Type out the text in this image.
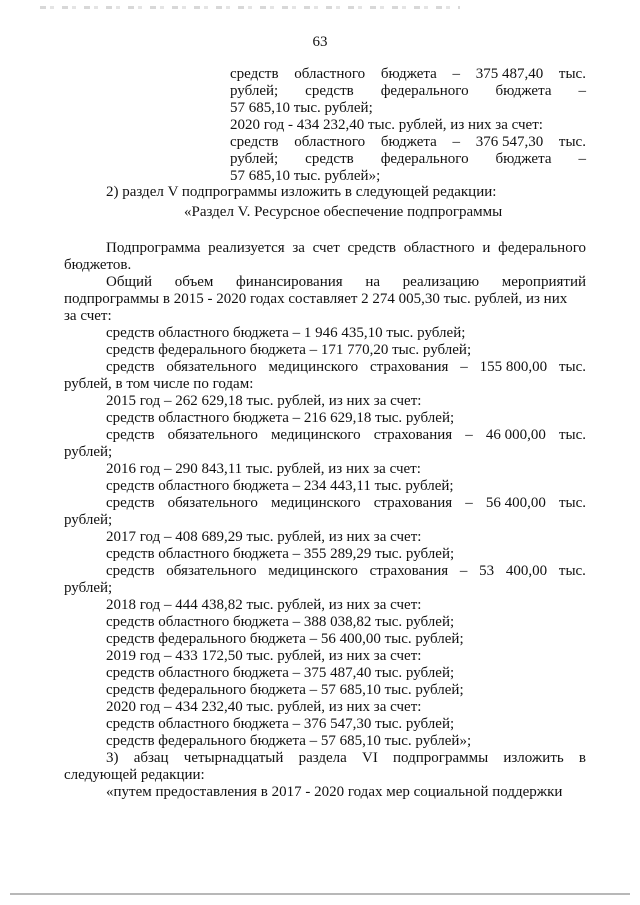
63
средств областного бюджета – 375 487,40 тыс.
рублей; средств федерального бюджета –
57 685,10 тыс. рублей;
2020 год - 434 232,40 тыс. рублей, из них за счет:
средств областного бюджета – 376 547,30 тыс.
рублей; средств федерального бюджета –
57 685,10 тыс. рублей»;
2) раздел V подпрограммы изложить в следующей редакции:
«Раздел V. Ресурсное обеспечение подпрограммы
Подпрограмма реализуется за счет средств областного и федерального
бюджетов.
Общий объем финансирования на реализацию мероприятий
подпрограммы в 2015 - 2020 годах составляет 2 274 005,30 тыс. рублей, из них
за счет:
средств областного бюджета – 1 946 435,10 тыс. рублей;
средств федерального бюджета – 171 770,20 тыс. рублей;
средств обязательного медицинского страхования – 155 800,00 тыс.
рублей, в том числе по годам:
2015 год – 262 629,18 тыс. рублей, из них за счет:
средств областного бюджета – 216 629,18 тыс. рублей;
средств обязательного медицинского страхования – 46 000,00 тыс.
рублей;
2016 год – 290 843,11 тыс. рублей, из них за счет:
средств областного бюджета – 234 443,11 тыс. рублей;
средств обязательного медицинского страхования – 56 400,00 тыс.
рублей;
2017 год – 408 689,29 тыс. рублей, из них за счет:
средств областного бюджета – 355 289,29 тыс. рублей;
средств обязательного медицинского страхования – 53 400,00 тыс.
рублей;
2018 год – 444 438,82 тыс. рублей, из них за счет:
средств областного бюджета – 388 038,82 тыс. рублей;
средств федерального бюджета – 56 400,00 тыс. рублей;
2019 год – 433 172,50 тыс. рублей, из них за счет:
средств областного бюджета – 375 487,40 тыс. рублей;
средств федерального бюджета – 57 685,10 тыс. рублей;
2020 год – 434 232,40 тыс. рублей, из них за счет:
средств областного бюджета – 376 547,30 тыс. рублей;
средств федерального бюджета – 57 685,10 тыс. рублей»;
3) абзац четырнадцатый раздела VI подпрограммы изложить в
следующей редакции:
«путем предоставления в 2017 - 2020 годах мер социальной поддержки
